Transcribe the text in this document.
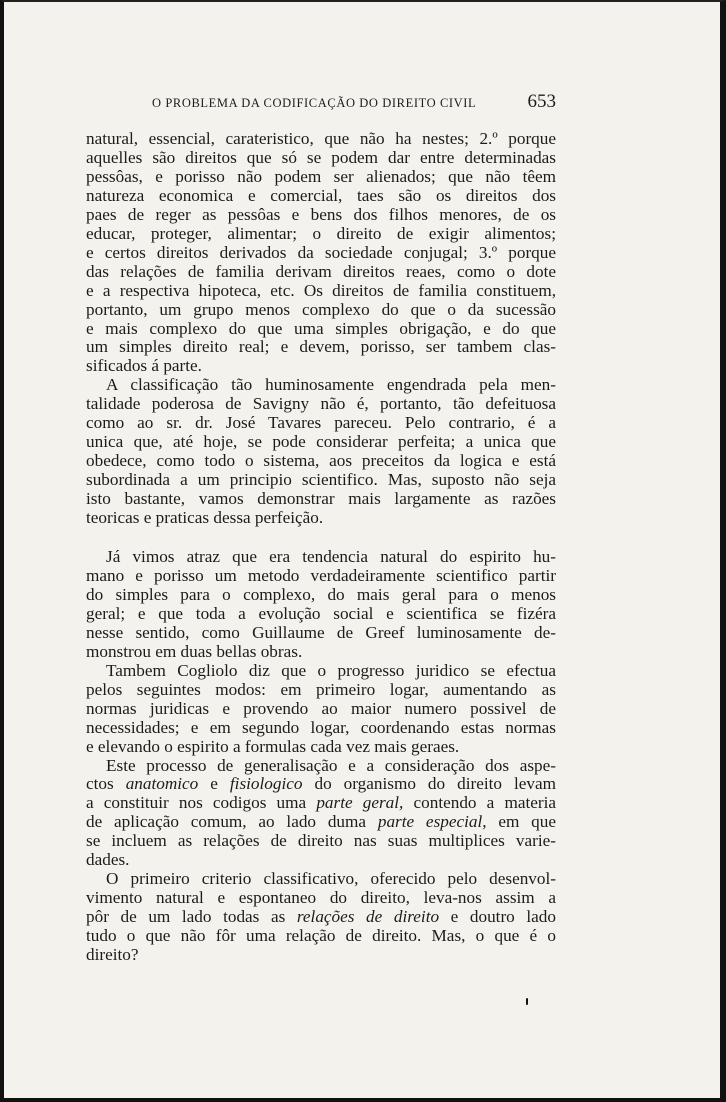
O PROBLEMA DA CODIFICAÇÃO DO DIREITO CIVIL	653
natural, essencial, carateristico, que não ha nestes; 2.º porque
aquelles são direitos que só se podem dar entre determinadas
pessôas, e porisso não podem ser alienados; que não têem
natureza economica e comercial, taes são os direitos dos
paes de reger as pessôas e bens dos filhos menores, de os
educar, proteger, alimentar; o direito de exigir alimentos;
e certos direitos derivados da sociedade conjugal; 3.º porque
das relações de familia derivam direitos reaes, como o dote
e a respectiva hipoteca, etc. Os direitos de familia constituem,
portanto, um grupo menos complexo do que o da sucessão
e mais complexo do que uma simples obrigação, e do que
um simples direito real; e devem, porisso, ser tambem clas-
sificados á parte.
A classificação tão huminosamente engendrada pela men-
talidade poderosa de Savigny não é, portanto, tão defeituosa
como ao sr. dr. José Tavares pareceu. Pelo contrario, é a
unica que, até hoje, se pode considerar perfeita; a unica que
obedece, como todo o sistema, aos preceitos da logica e está
subordinada a um principio scientifico. Mas, suposto não seja
isto bastante, vamos demonstrar mais largamente as razões
teoricas e praticas dessa perfeição.
Já vimos atraz que era tendencia natural do espirito hu-
mano e porisso um metodo verdadeiramente scientifico partir
do simples para o complexo, do mais geral para o menos
geral; e que toda a evolução social e scientifica se fizéra
nesse sentido, como Guillaume de Greef luminosamente de-
monstrou em duas bellas obras.
Tambem Cogliolo diz que o progresso juridico se efectua
pelos seguintes modos: em primeiro logar, aumentando as
normas juridicas e provendo ao maior numero possivel de
necessidades; e em segundo logar, coordenando estas normas
e elevando o espirito a formulas cada vez mais geraes.
Este processo de generalisação e a consideração dos aspe-
ctos anatomico e fisiologico do organismo do direito levam
a constituir nos codigos uma parte geral, contendo a materia
de aplicação comum, ao lado duma parte especial, em que
se incluem as relações de direito nas suas multiplices varie-
dades.
O primeiro criterio classificativo, oferecido pelo desenvol-
vimento natural e espontaneo do direito, leva-nos assim a
pôr de um lado todas as relações de direito e doutro lado
tudo o que não fôr uma relação de direito. Mas, o que é o
direito?
